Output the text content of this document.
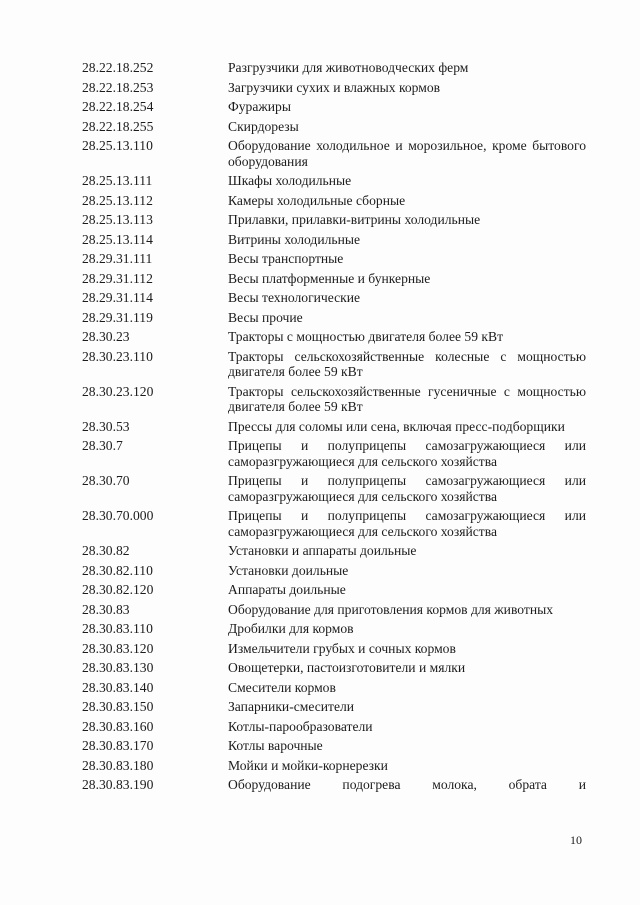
28.22.18.252	Разгрузчики для животноводческих ферм
28.22.18.253	Загрузчики сухих и влажных кормов
28.22.18.254	Фуражиры
28.22.18.255	Скирдорезы
28.25.13.110	Оборудование холодильное и морозильное, кроме бытового оборудования
28.25.13.111	Шкафы холодильные
28.25.13.112	Камеры холодильные сборные
28.25.13.113	Прилавки, прилавки-витрины холодильные
28.25.13.114	Витрины холодильные
28.29.31.111	Весы транспортные
28.29.31.112	Весы платформенные и бункерные
28.29.31.114	Весы технологические
28.29.31.119	Весы прочие
28.30.23	Тракторы с мощностью двигателя более 59 кВт
28.30.23.110	Тракторы сельскохозяйственные колесные с мощностью двигателя более 59 кВт
28.30.23.120	Тракторы сельскохозяйственные гусеничные с мощностью двигателя более 59 кВт
28.30.53	Прессы для соломы или сена, включая пресс-подборщики
28.30.7	Прицепы и полуприцепы самозагружающиеся или саморазгружающиеся для сельского хозяйства
28.30.70	Прицепы и полуприцепы самозагружающиеся или саморазгружающиеся для сельского хозяйства
28.30.70.000	Прицепы и полуприцепы самозагружающиеся или саморазгружающиеся для сельского хозяйства
28.30.82	Установки и аппараты доильные
28.30.82.110	Установки доильные
28.30.82.120	Аппараты доильные
28.30.83	Оборудование для приготовления кормов для животных
28.30.83.110	Дробилки для кормов
28.30.83.120	Измельчители грубых и сочных кормов
28.30.83.130	Овощетерки, пастоизготовители и мялки
28.30.83.140	Смесители кормов
28.30.83.150	Запарники-смесители
28.30.83.160	Котлы-парообразователи
28.30.83.170	Котлы варочные
28.30.83.180	Мойки и мойки-корнерезки
28.30.83.190	Оборудование подогрева молока, обрата и
10
